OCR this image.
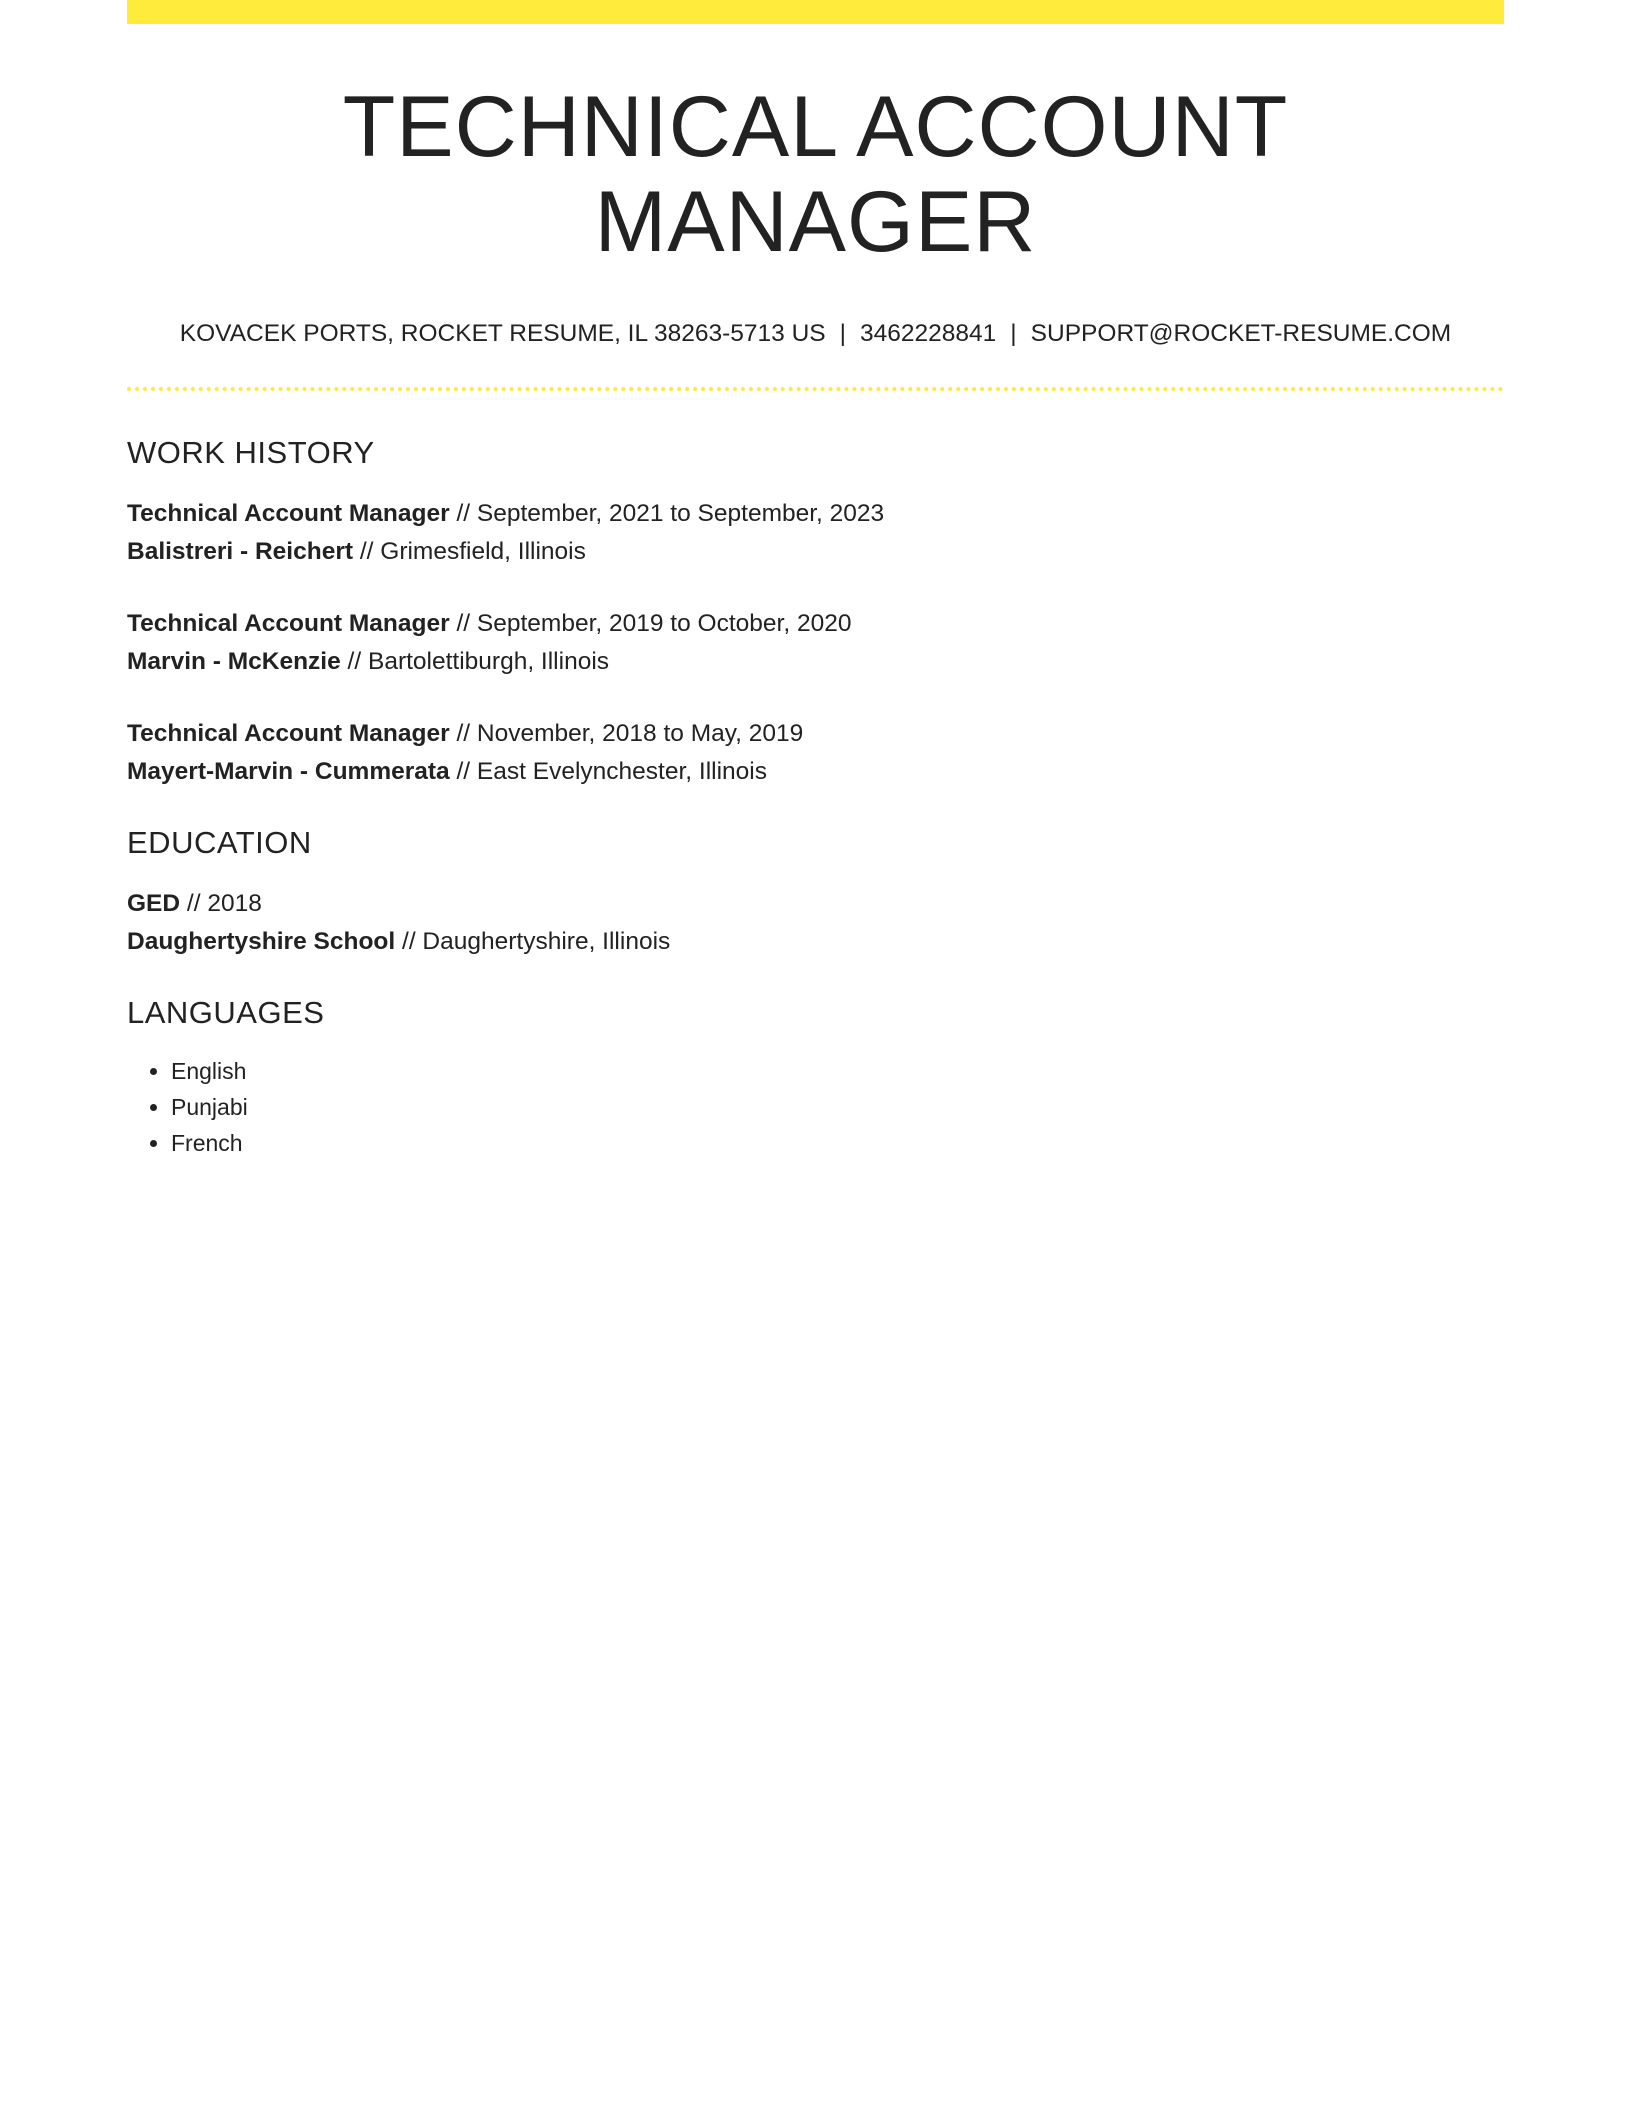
TECHNICAL ACCOUNT MANAGER
KOVACEK PORTS, ROCKET RESUME, IL 38263-5713 US | 3462228841 | SUPPORT@ROCKET-RESUME.COM
WORK HISTORY
Technical Account Manager // September, 2021 to September, 2023
Balistreri - Reichert // Grimesfield, Illinois
Technical Account Manager // September, 2019 to October, 2020
Marvin - McKenzie // Bartolettiburgh, Illinois
Technical Account Manager // November, 2018 to May, 2019
Mayert-Marvin - Cummerata // East Evelynchester, Illinois
EDUCATION
GED // 2018
Daughertyshire School // Daughertyshire, Illinois
LANGUAGES
• English
• Punjabi
• French
